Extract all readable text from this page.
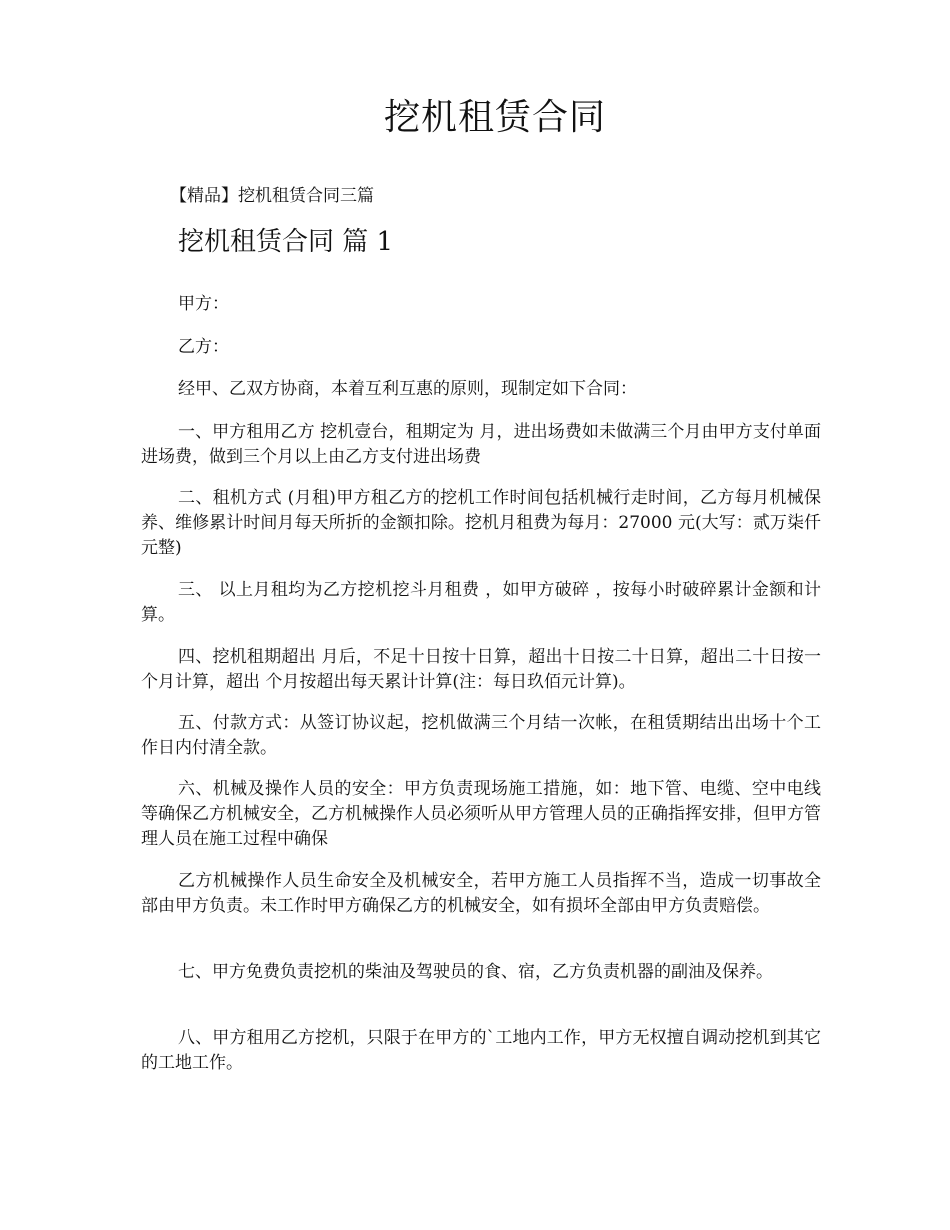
挖机租赁合同
【精品】挖机租赁合同三篇
挖机租赁合同 篇 1

甲方：

乙方：

经甲、乙双方协商，本着互利互惠的原则，现制定如下合同：

一、甲方租用乙方 挖机壹台，租期定为 月，进出场费如未做满三个月由甲方支付单面进场费，做到三个月以上由乙方支付进出场费

二、租机方式 (月租)甲方租乙方的挖机工作时间包括机械行走时间，乙方每月机械保养、维修累计时间月每天所折的金额扣除。挖机月租费为每月：27000 元(大写：贰万柒仟元整)

三、 以上月租均为乙方挖机挖斗月租费 ，如甲方破碎 ，按每小时破碎累计金额和计算。

四、挖机租期超出 月后，不足十日按十日算，超出十日按二十日算，超出二十日按一个月计算，超出 个月按超出每天累计计算(注：每日玖佰元计算)。

五、付款方式：从签订协议起，挖机做满三个月结一次帐，在租赁期结出出场十个工作日内付清全款。

六、机械及操作人员的安全：甲方负责现场施工措施，如：地下管、电缆、空中电线等确保乙方机械安全，乙方机械操作人员必须听从甲方管理人员的正确指挥安排，但甲方管理人员在施工过程中确保

乙方机械操作人员生命安全及机械安全，若甲方施工人员指挥不当，造成一切事故全部由甲方负责。未工作时甲方确保乙方的机械安全，如有损坏全部由甲方负责赔偿。

七、甲方免费负责挖机的柴油及驾驶员的食、宿，乙方负责机器的副油及保养。

八、甲方租用乙方挖机，只限于在甲方的`工地内工作，甲方无权擅自调动挖机到其它的工地工作。
